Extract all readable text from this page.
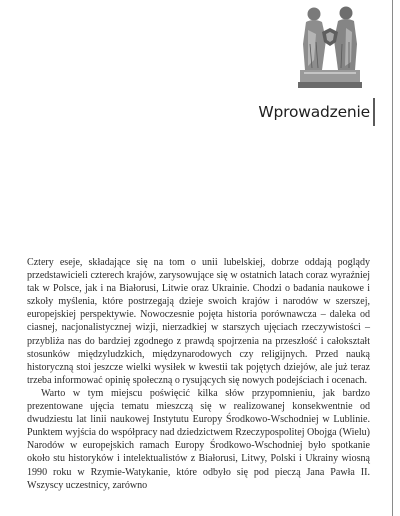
Wprowadzenie

Cztery eseje, składające się na tom o unii lubelskiej, dobrze oddają poglądy przedstawicieli czterech krajów, zarysowujące się w ostatnich latach coraz wyraźniej tak w Polsce, jak i na Białorusi, Litwie oraz Ukrainie. Chodzi o badania naukowe i szkoły myślenia, które postrzegają dzieje swoich krajów i narodów w szerszej, europejskiej perspektywie. Nowoczesnie pojęta historia porównawcza – daleka od ciasnej, nacjonalistycznej wizji, nierzadkiej w starszych ujęciach rzeczywistości – przybliża nas do bardziej zgodnego z prawdą spojrzenia na przeszłość i całokształt stosunków międzyludzkich, międzynarodowych czy religijnych. Przed nauką historyczną stoi jeszcze wielki wysiłek w kwestii tak pojętych dziejów, ale już teraz trzeba informować opinię społeczną o rysujących się nowych podejściach i ocenach.

Warto w tym miejscu poświęcić kilka słów przypomnieniu, jak bardzo prezentowane ujęcia tematu mieszczą się w realizowanej konsekwentnie od dwudziestu lat linii naukowej Instytutu Europy Środkowo-Wschodniej w Lublinie. Punktem wyjścia do współpracy nad dziedzictwem Rzeczypospolitej Obojga (Wielu) Narodów w europejskich ramach Europy Środkowo-Wschodniej było spotkanie około stu historyków i intelektualistów z Białorusi, Litwy, Polski i Ukrainy wiosną 1990 roku w Rzymie-Watykanie, które odbyło się pod pieczą Jana Pawła II. Wszyscy uczestnicy, zarówno
